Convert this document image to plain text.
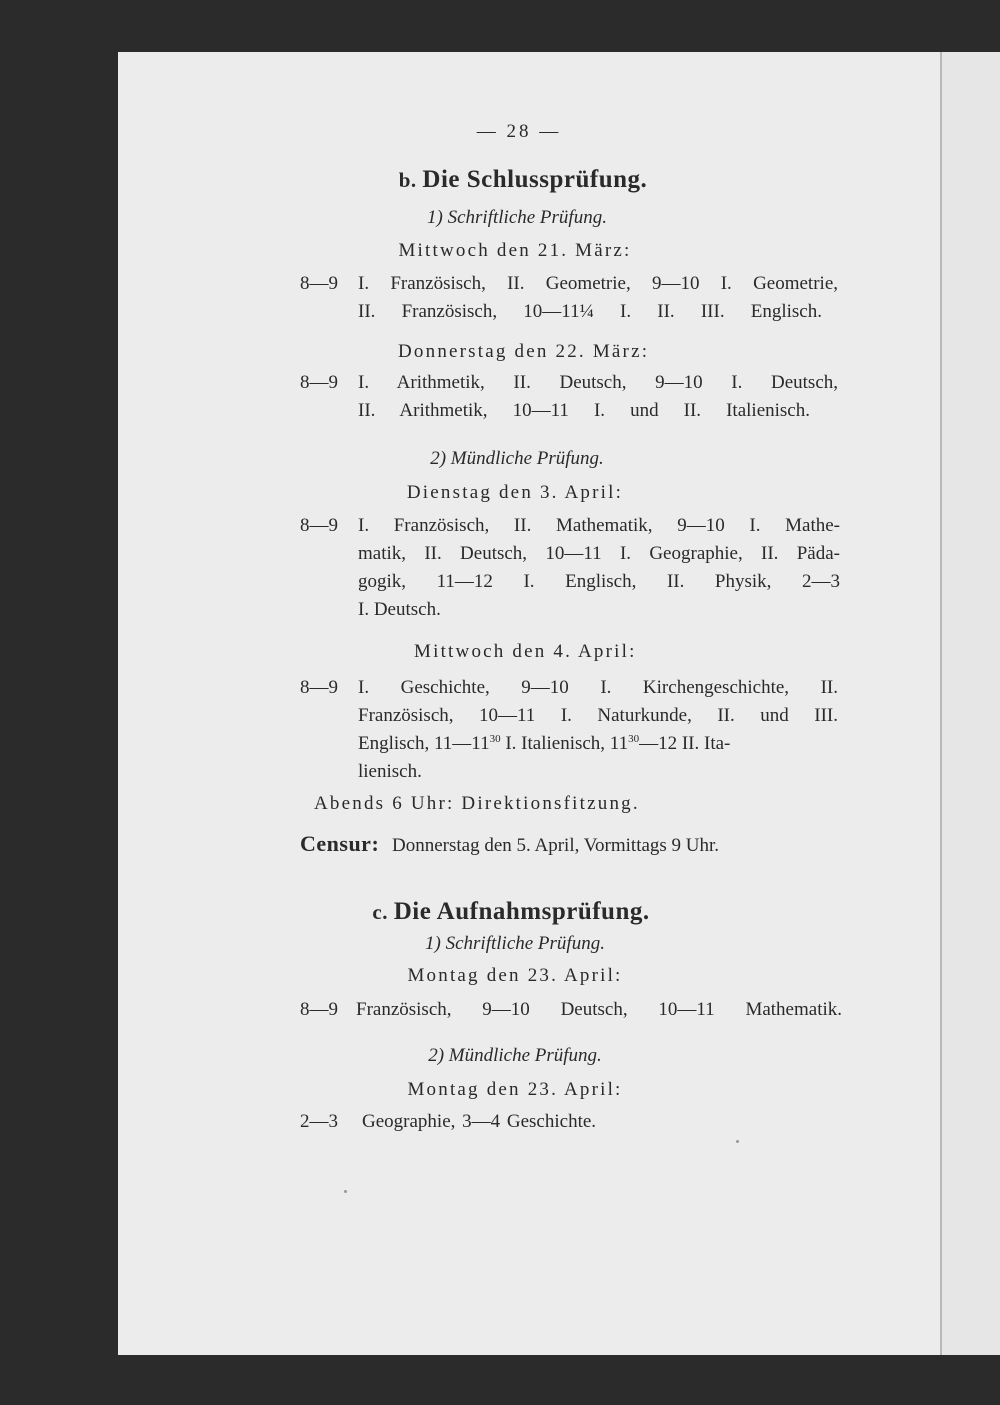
— 28 —
b. Die Schlussprüfung.
1) Schriftliche Prüfung.
Mittwoch den 21. März:
8—9 I. Französisch, II. Geometrie, 9—10 I. Geometrie,
II. Französisch, 10—11¼ I. II. III. Englisch.
Donnerstag den 22. März:
8—9 I. Arithmetik, II. Deutsch, 9—10 I. Deutsch,
II. Arithmetik, 10—11 I. und II. Italienisch.
2) Mündliche Prüfung.
Dienstag den 3. April:
8—9 I. Französisch, II. Mathematik, 9—10 I. Mathe-
matik, II. Deutsch, 10—11 I. Geographie, II. Päda-
gogik, 11—12 I. Englisch, II. Physik, 2—3
I. Deutsch.
Mittwoch den 4. April:
8—9 I. Geschichte, 9—10 I. Kirchengeschichte, II.
Französisch, 10—11 I. Naturkunde, II. und III.
Englisch, $11—11^{30}$ I. Italienisch, $11^{30}—12$ II. Ita-
lienisch.
Abends 6 Uhr: Direktionsfitzung.
Censur: Donnerstag den 5. April, Vormittags 9 Uhr.
c. Die Aufnahmsprüfung.
1) Schriftliche Prüfung.
Montag den 23. April:
8—9 Französisch, 9—10 Deutsch, 10—11 Mathematik.
2) Mündliche Prüfung.
Montag den 23. April:
2—3 Geographie, 3—4 Geschichte.
